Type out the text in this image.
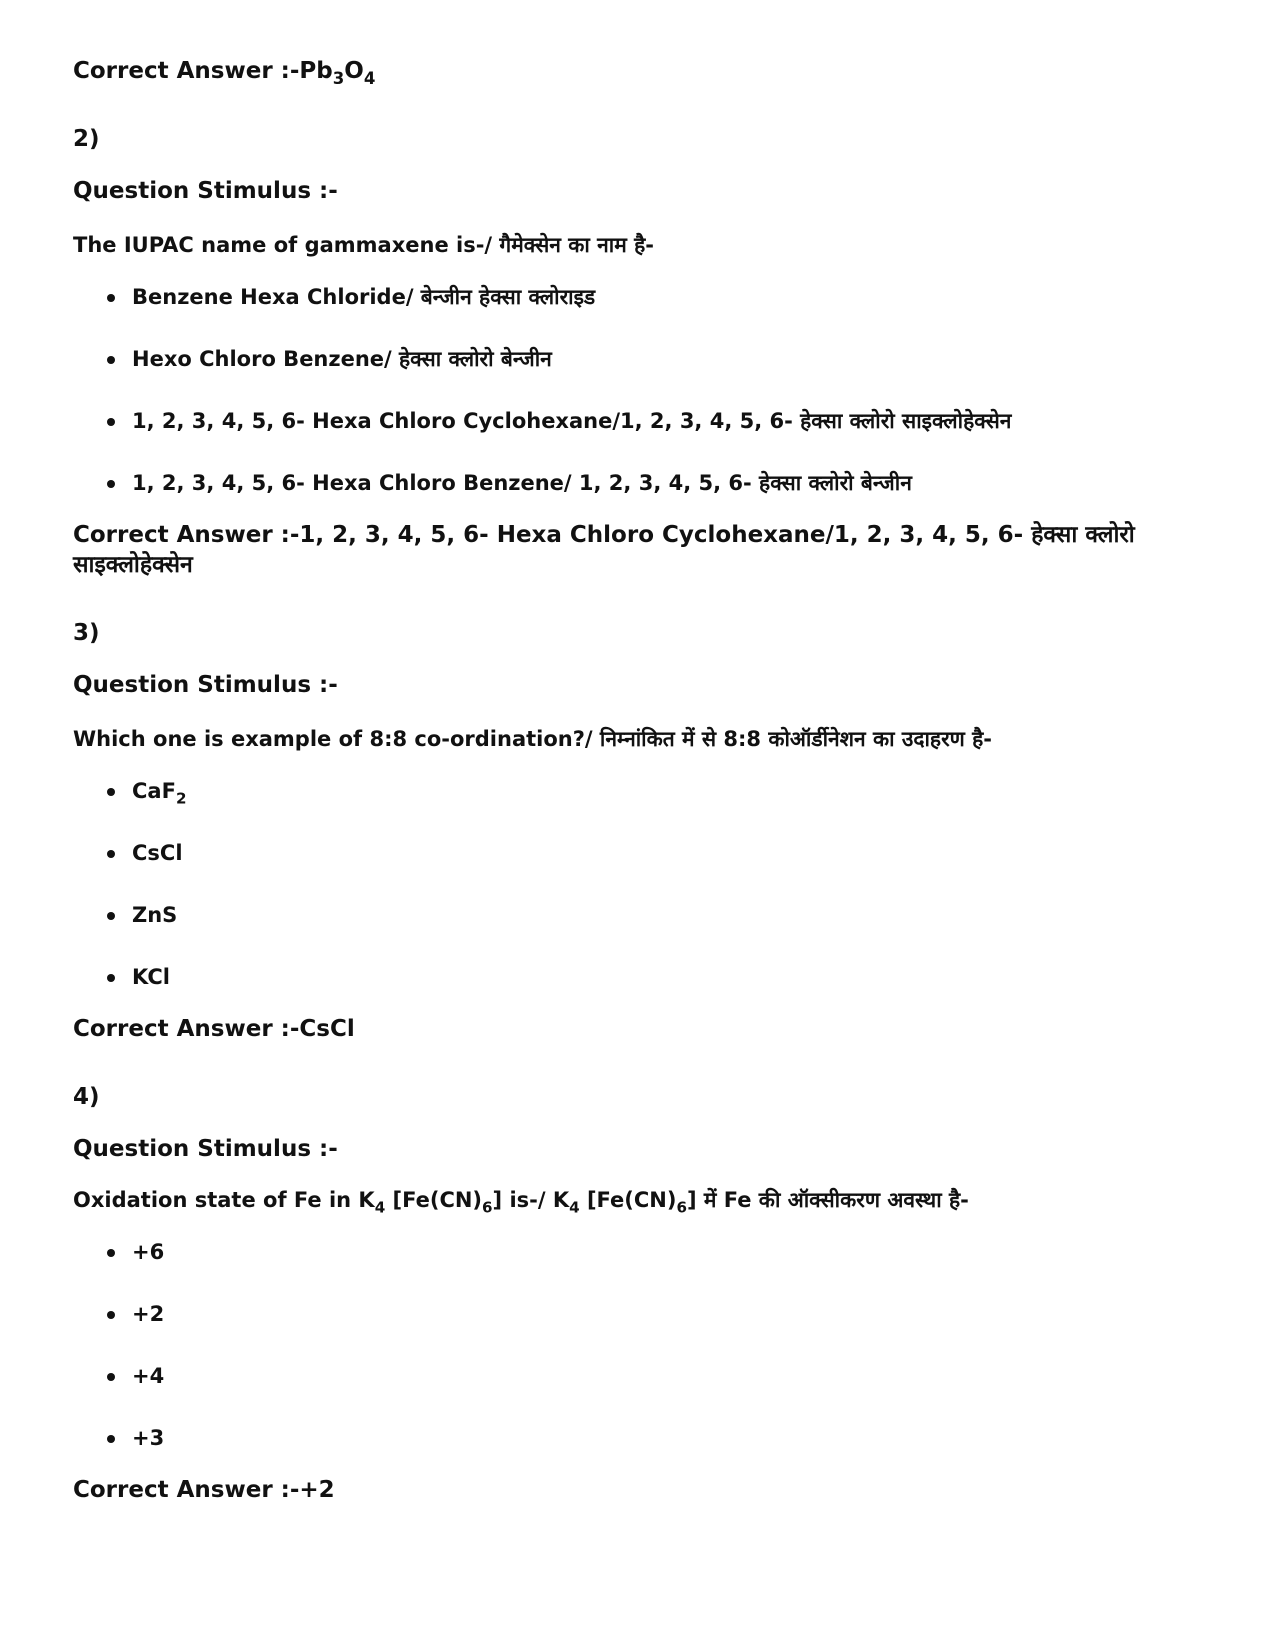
Correct Answer $:-Pb_3O_4$

2)

Question Stimulus :-

The IUPAC name of gammaxene is-/ गैमेक्सेन का नाम है-

Benzene Hexa Chloride/ बेन्जीन हेक्सा क्लोराइड
Hexo Chloro Benzene/ हेक्सा क्लोरो बेन्जीन
1, 2, 3, 4, 5, 6- Hexa Chloro Cyclohexane/1, 2, 3, 4, 5, 6- हेक्सा क्लोरो साइक्लोहेक्सेन
1, 2, 3, 4, 5, 6- Hexa Chloro Benzene/ 1, 2, 3, 4, 5, 6- हेक्सा क्लोरो बेन्जीन

Correct Answer :-1, 2, 3, 4, 5, 6- Hexa Chloro Cyclohexane/1, 2, 3, 4, 5, 6- हेक्सा क्लोरो साइक्लोहेक्सेन

3)

Question Stimulus :-

Which one is example of 8:8 co-ordination?/ निम्नांकित में से 8:8 कोऑर्डीनेशन का उदाहरण है-

CaF$_2$
CsCl
ZnS
KCl

Correct Answer :-CsCl

4)

Question Stimulus :-

Oxidation state of Fe in $K_4$ $[Fe(CN)_6]$ is-/ $K_4$ $[Fe(CN)_6]$ में Fe की ऑक्सीकरण अवस्था है-

+6
+2
+4
+3

Correct Answer :-+2
